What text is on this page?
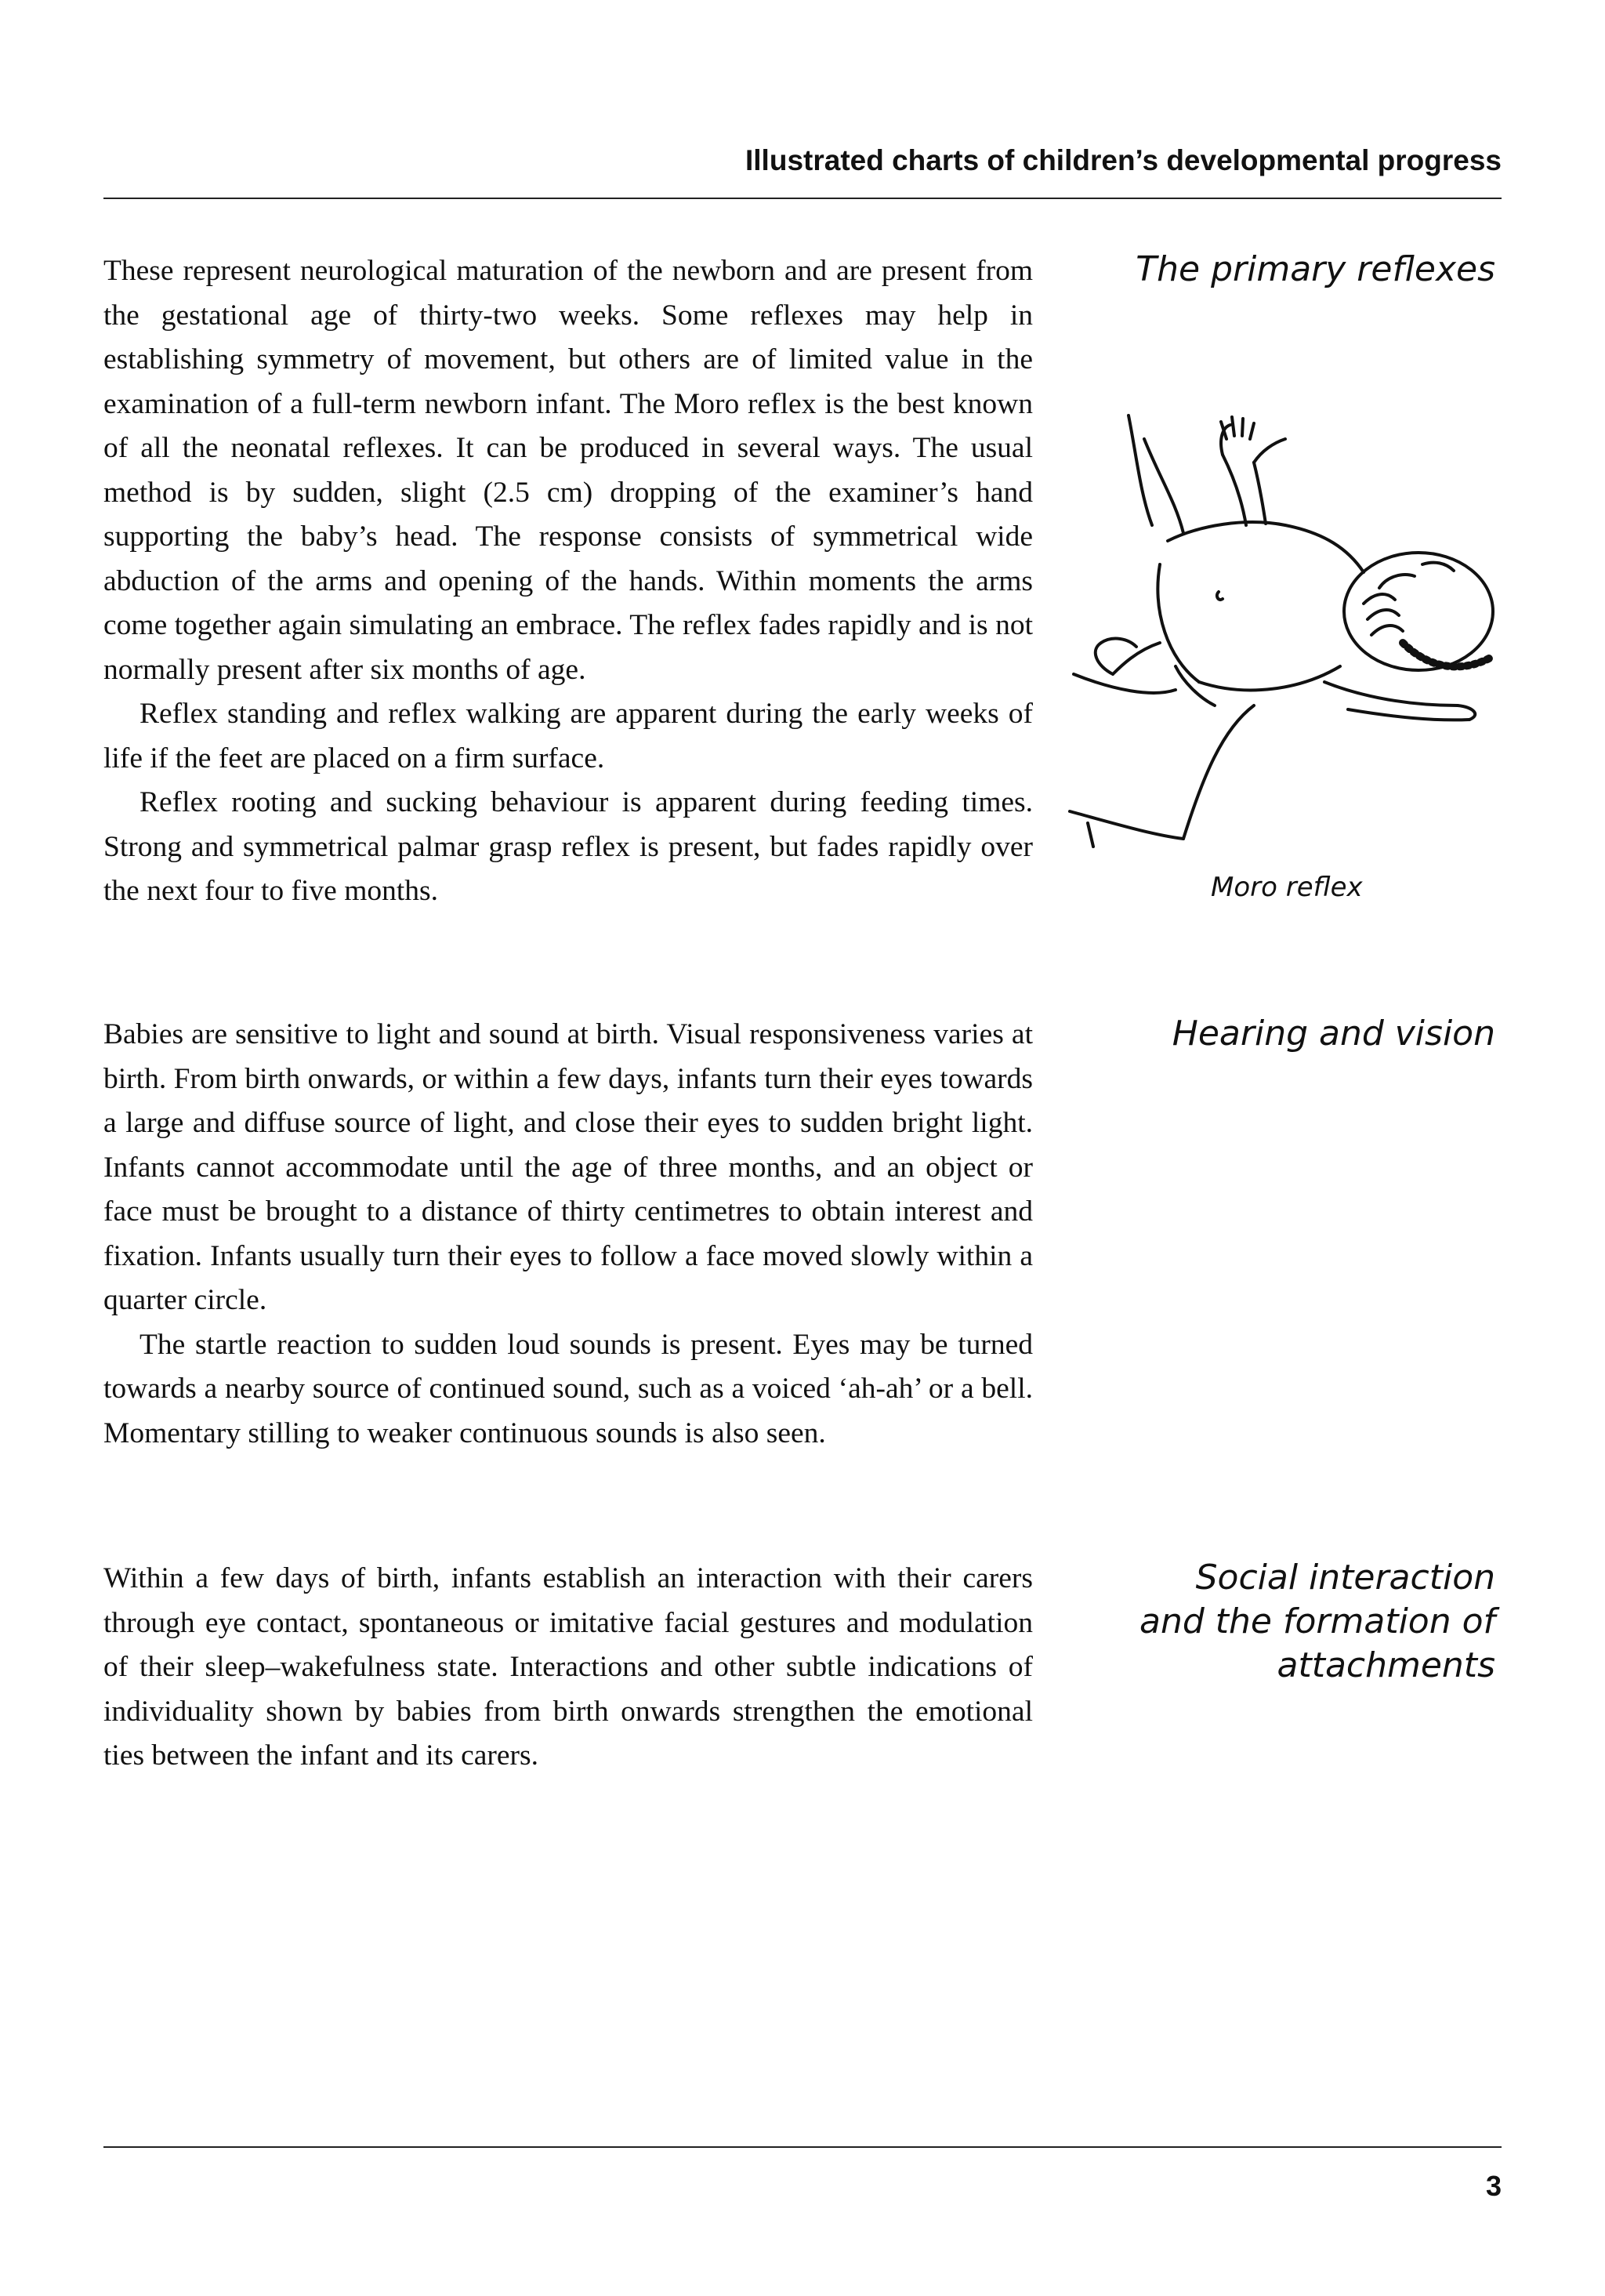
Illustrated charts of children’s developmental progress
The primary reflexes

These represent neurological maturation of the newborn and are present from the gestational age of thirty-two weeks. Some reflexes may help in establishing symmetry of movement, but others are of limited value in the examination of a full-term newborn infant. The Moro reflex is the best known of all the neonatal reflexes. It can be produced in several ways. The usual method is by sudden, slight (2.5 cm) dropping of the examiner’s hand supporting the baby’s head. The response consists of symmetrical wide abduction of the arms and opening of the hands. Within moments the arms come together again simulating an embrace. The reflex fades rapidly and is not normally present after six months of age.

Reflex standing and reflex walking are apparent during the early weeks of life if the feet are placed on a firm surface.

Reflex rooting and sucking behaviour is apparent during feeding times. Strong and symmetrical palmar grasp reflex is present, but fades rapidly over the next four to five months.	Moro reflex
Hearing and vision

Babies are sensitive to light and sound at birth. Visual responsiveness varies at birth. From birth onwards, or within a few days, infants turn their eyes towards a large and diffuse source of light, and close their eyes to sudden bright light. Infants cannot accommodate until the age of three months, and an object or face must be brought to a distance of thirty centimetres to obtain interest and fixation. Infants usually turn their eyes to follow a face moved slowly within a quarter circle.

The startle reaction to sudden loud sounds is present. Eyes may be turned towards a nearby source of continued sound, such as a voiced ‘ah-ah’ or a bell. Momentary stilling to weaker continuous sounds is also seen.

Social interaction
and the formation of
attachments

Within a few days of birth, infants establish an interaction with their carers through eye contact, spontaneous or imitative facial gestures and modulation of their sleep–wakefulness state. Interactions and other subtle indications of individuality shown by babies from birth onwards strengthen the emotional ties between the infant and its carers.

3
